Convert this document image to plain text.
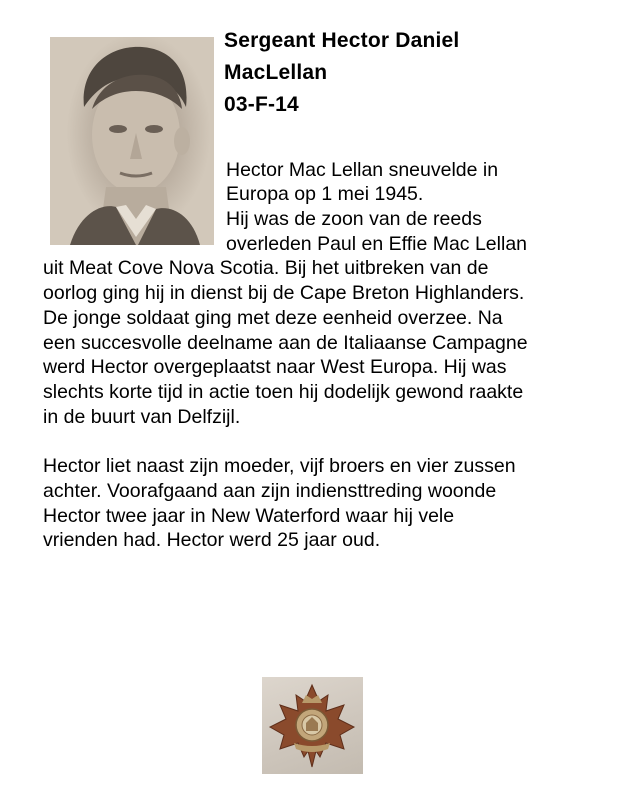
Sergeant Hector Daniel
MacLellan
03-F-14
Hector Mac Lellan sneuvelde in
Europa op 1 mei 1945.
Hij was de zoon van de reeds
overleden Paul en Effie Mac Lellan
uit Meat Cove Nova Scotia. Bij het uitbreken van de
oorlog ging hij in dienst bij de Cape Breton Highlanders.
De jonge soldaat ging met deze eenheid overzee. Na
een succesvolle deelname aan de Italiaanse Campagne
werd Hector overgeplaatst naar West Europa. Hij was
slechts korte tijd in actie toen hij dodelijk gewond raakte
in de buurt van Delfzijl.
Hector liet naast zijn moeder, vijf broers en vier zussen
achter. Voorafgaand aan zijn indiensttreding woonde
Hector twee jaar in New Waterford waar hij vele
vrienden had. Hector werd 25 jaar oud.
